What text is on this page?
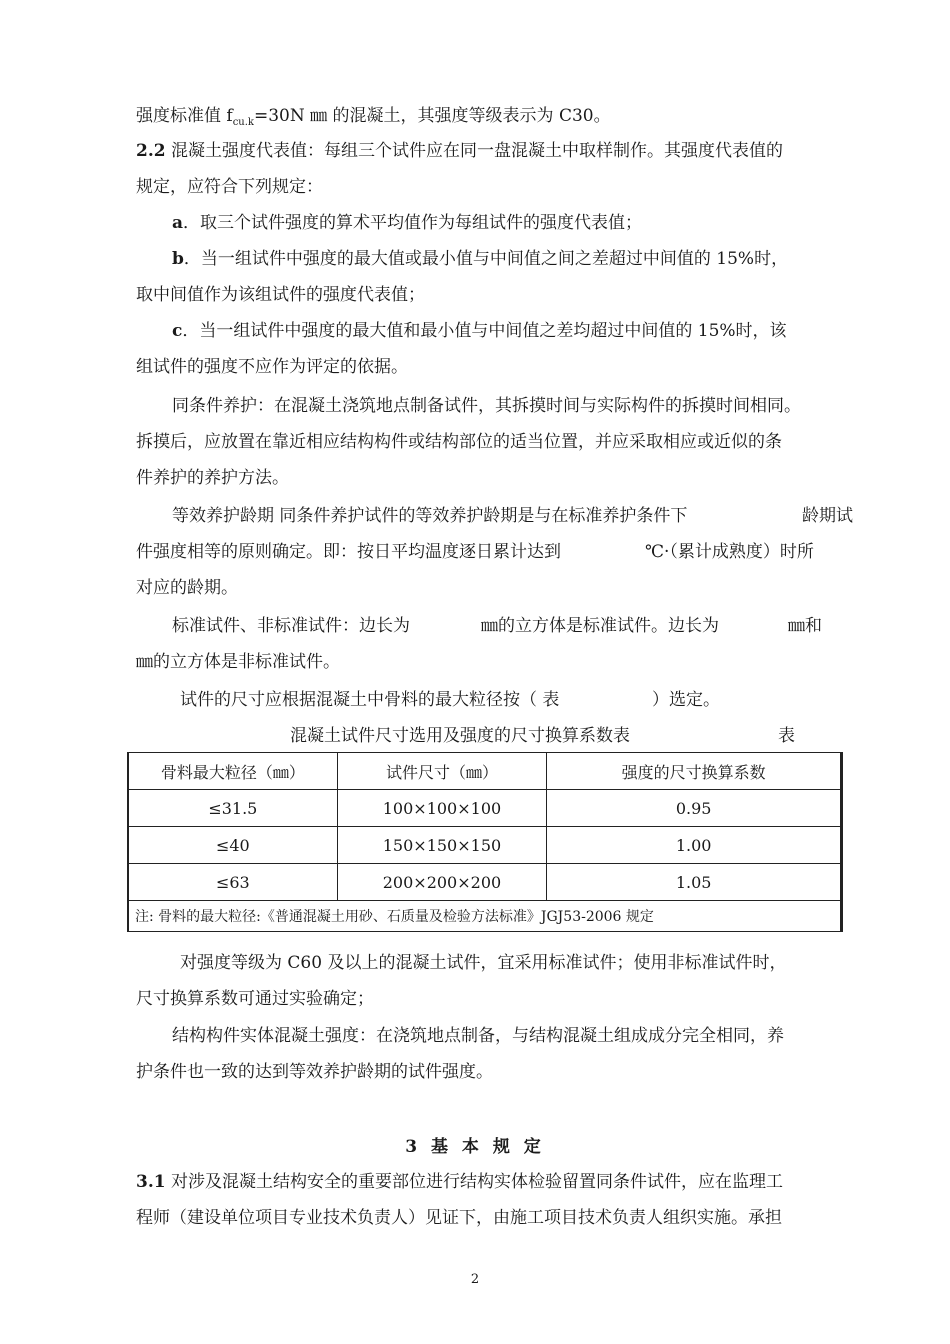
强度标准值 $f_{cu.k}=30N$ ㎜ 的混凝土，其强度等级表示为 C30。
2.2 混凝土强度代表值：每组三个试件应在同一盘混凝土中取样制作。其强度代表值的
规定，应符合下列规定：
a．取三个试件强度的算术平均值作为每组试件的强度代表值；
b．当一组试件中强度的最大值或最小值与中间值之间之差超过中间值的 15%时，
取中间值作为该组试件的强度代表值；
c．当一组试件中强度的最大值和最小值与中间值之差均超过中间值的 15%时，该
组试件的强度不应作为评定的依据。
同条件养护：在混凝土浇筑地点制备试件，其拆摸时间与实际构件的拆摸时间相同。
拆摸后，应放置在靠近相应结构构件或结构部位的适当位置，并应采取相应或近似的条
件养护的养护方法。
等效养护龄期 同条件养护试件的等效养护龄期是与在标准养护条件下	龄期试
件强度相等的原则确定。即：按日平均温度逐日累计达到	℃·（累计成熟度）时所
对应的龄期。
标准试件、非标准试件：边长为	㎜的立方体是标准试件。边长为	㎜和
㎜的立方体是非标准试件。
试件的尺寸应根据混凝土中骨料的最大粒径按（ 表	）选定。
混凝土试件尺寸选用及强度的尺寸换算系数表	表
骨料最大粒径（㎜）	试件尺寸（㎜）	强度的尺寸换算系数
≤31.5	100×100×100	0.95
≤40	150×150×150	1.00
≤63	200×200×200	1.05
注: 骨料的最大粒径:《普通混凝土用砂、石质量及检验方法标准》JGJ53-2006 规定		
对强度等级为 C60 及以上的混凝土试件，宜采用标准试件；使用非标准试件时，
尺寸换算系数可通过实验确定；
结构构件实体混凝土强度：在浇筑地点制备，与结构混凝土组成成分完全相同，养
护条件也一致的达到等效养护龄期的试件强度。
3 基 本 规 定
3.1 对涉及混凝土结构安全的重要部位进行结构实体检验留置同条件试件，应在监理工
程师（建设单位项目专业技术负责人）见证下，由施工项目技术负责人组织实施。承担
2
